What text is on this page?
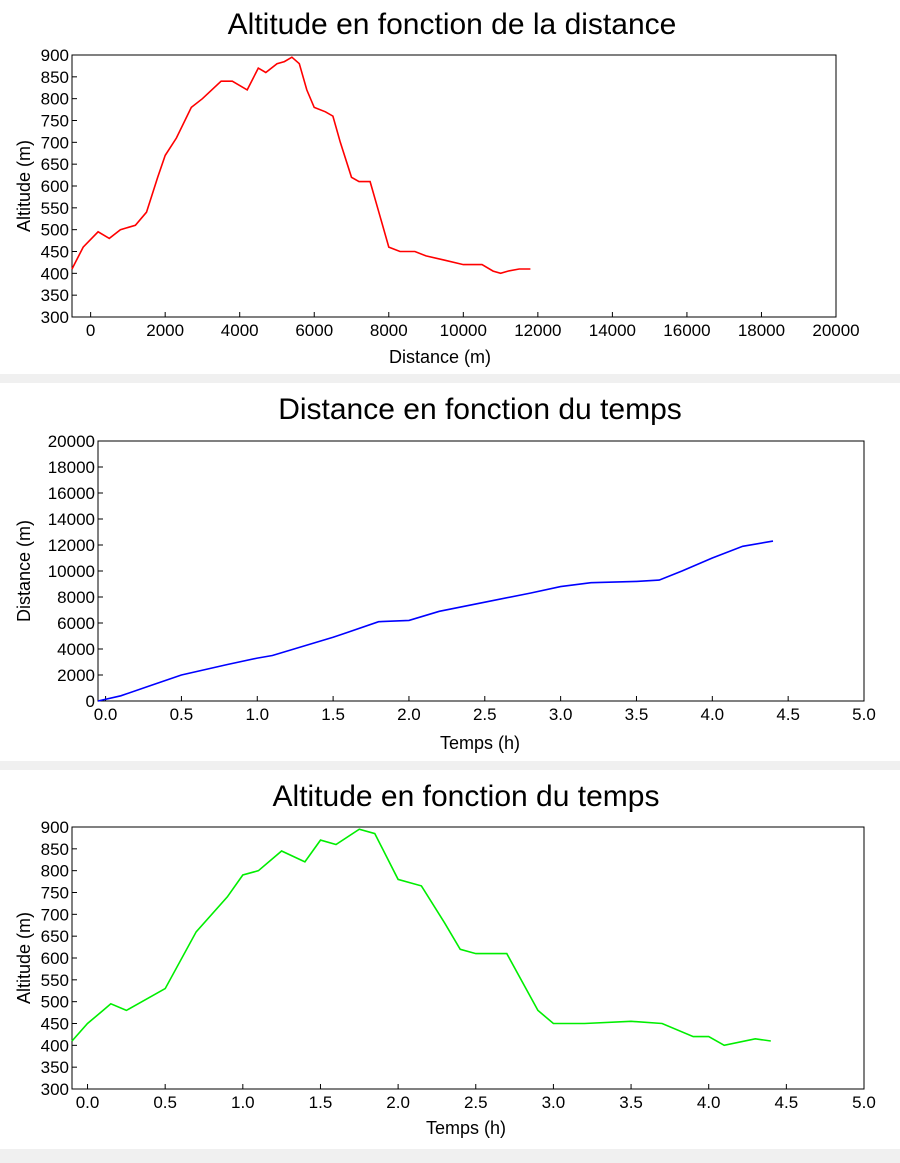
Altitude en fonction de la distance
0	2000 4000 6000 8000 10000 12000 14000 16000 18000 20000
300
350
400
450
500
550
600
650
700
750
800
850
900
Distance (m)
Altitude (m)
Distance en fonction du temps
0.0	0.5	1.0	1.5	2.0	2.5	3.0	3.5	4.0	4.5	5.0
0
2000
4000
6000
8000
10000
12000
14000
16000
18000
20000
Temps (h)
Distance (m)
Altitude en fonction du temps
0.0	0.5	1.0	1.5	2.0	2.5	3.0	3.5	4.0	4.5	5.0
300
350
400
450
500
550
600
650
700
750
800
850
900
Temps (h)
Altitude (m)
